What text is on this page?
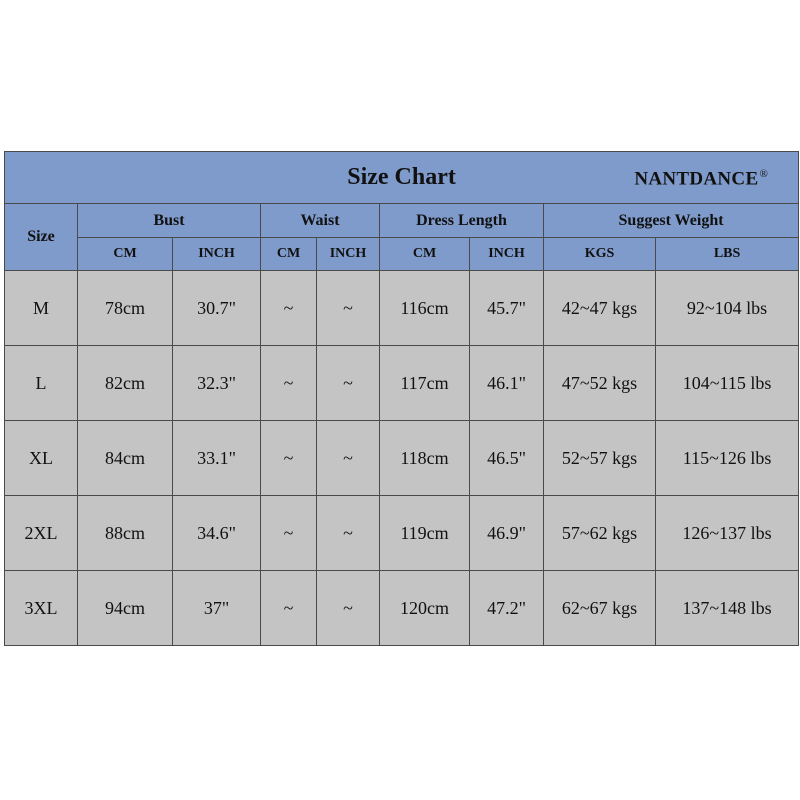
Size Chart NANTDANCE®

Size	Bust		Waist		Dress Length		Suggest Weight	
	CM	INCH	CM	INCH	CM	INCH	KGS	LBS
M	78cm	30.7"	~	~	116cm	45.7"	42~47 kgs	92~104 lbs
L	82cm	32.3"	~	~	117cm	46.1"	47~52 kgs	104~115 lbs
XL	84cm	33.1"	~	~	118cm	46.5"	52~57 kgs	115~126 lbs
2XL	88cm	34.6"	~	~	119cm	46.9"	57~62 kgs	126~137 lbs
3XL	94cm	37"	~	~	120cm	47.2"	62~67 kgs	137~148 lbs
